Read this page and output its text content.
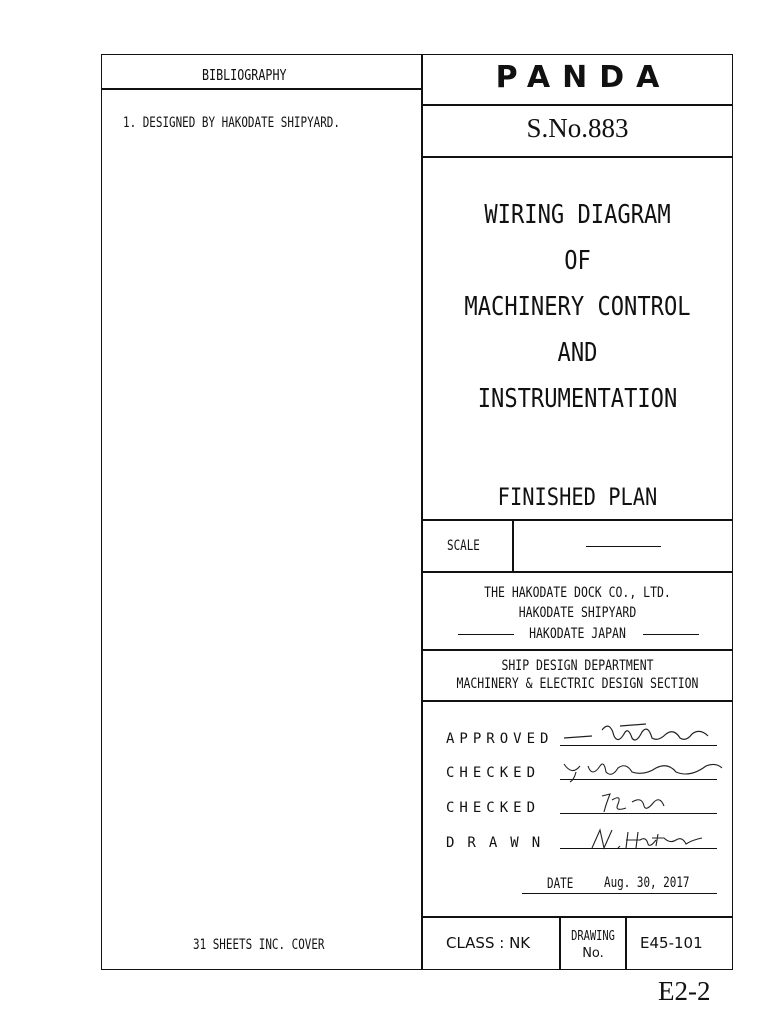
BIBLIOGRAPHY
1. DESIGNED BY HAKODATE SHIPYARD.
31 SHEETS INC. COVER
PANDA
S.No.883
WIRING DIAGRAM
OF
MACHINERY CONTROL
AND
INSTRUMENTATION
FINISHED PLAN
SCALE
THE HAKODATE DOCK CO., LTD.
HAKODATE SHIPYARD
HAKODATE JAPAN
SHIP DESIGN DEPARTMENT
MACHINERY & ELECTRIC DESIGN SECTION
APPROVED
CHECKED
CHECKED
DRAWN
DATE Aug. 30, 2017
CLASS : NK	DRAWING
No.
E45-101
E2-2
